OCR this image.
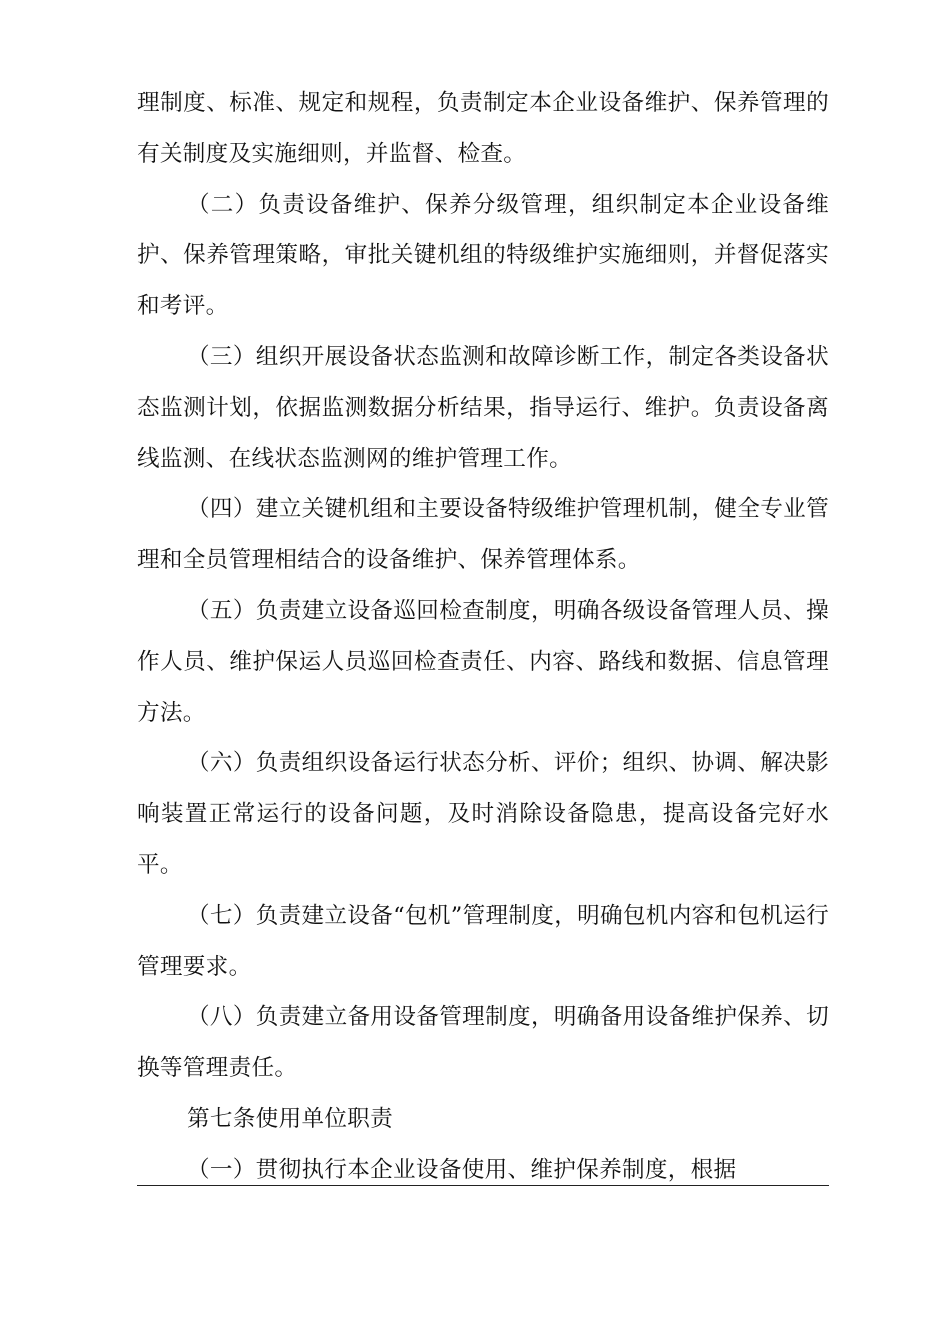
理制度、标准、规定和规程，负责制定本企业设备维护、保养管理的有关制度及实施细则，并监督、检查。

（二）负责设备维护、保养分级管理，组织制定本企业设备维护、保养管理策略，审批关键机组的特级维护实施细则，并督促落实和考评。

（三）组织开展设备状态监测和故障诊断工作，制定各类设备状态监测计划，依据监测数据分析结果，指导运行、维护。负责设备离线监测、在线状态监测网的维护管理工作。

（四）建立关键机组和主要设备特级维护管理机制，健全专业管理和全员管理相结合的设备维护、保养管理体系。

（五）负责建立设备巡回检查制度，明确各级设备管理人员、操作人员、维护保运人员巡回检查责任、内容、路线和数据、信息管理方法。

（六）负责组织设备运行状态分析、评价；组织、协调、解决影响装置正常运行的设备问题，及时消除设备隐患，提高设备完好水平。

（七）负责建立设备“包机”管理制度，明确包机内容和包机运行管理要求。

（八）负责建立备用设备管理制度，明确备用设备维护保养、切换等管理责任。

第七条使用单位职责

（一）贯彻执行本企业设备使用、维护保养制度，根据
